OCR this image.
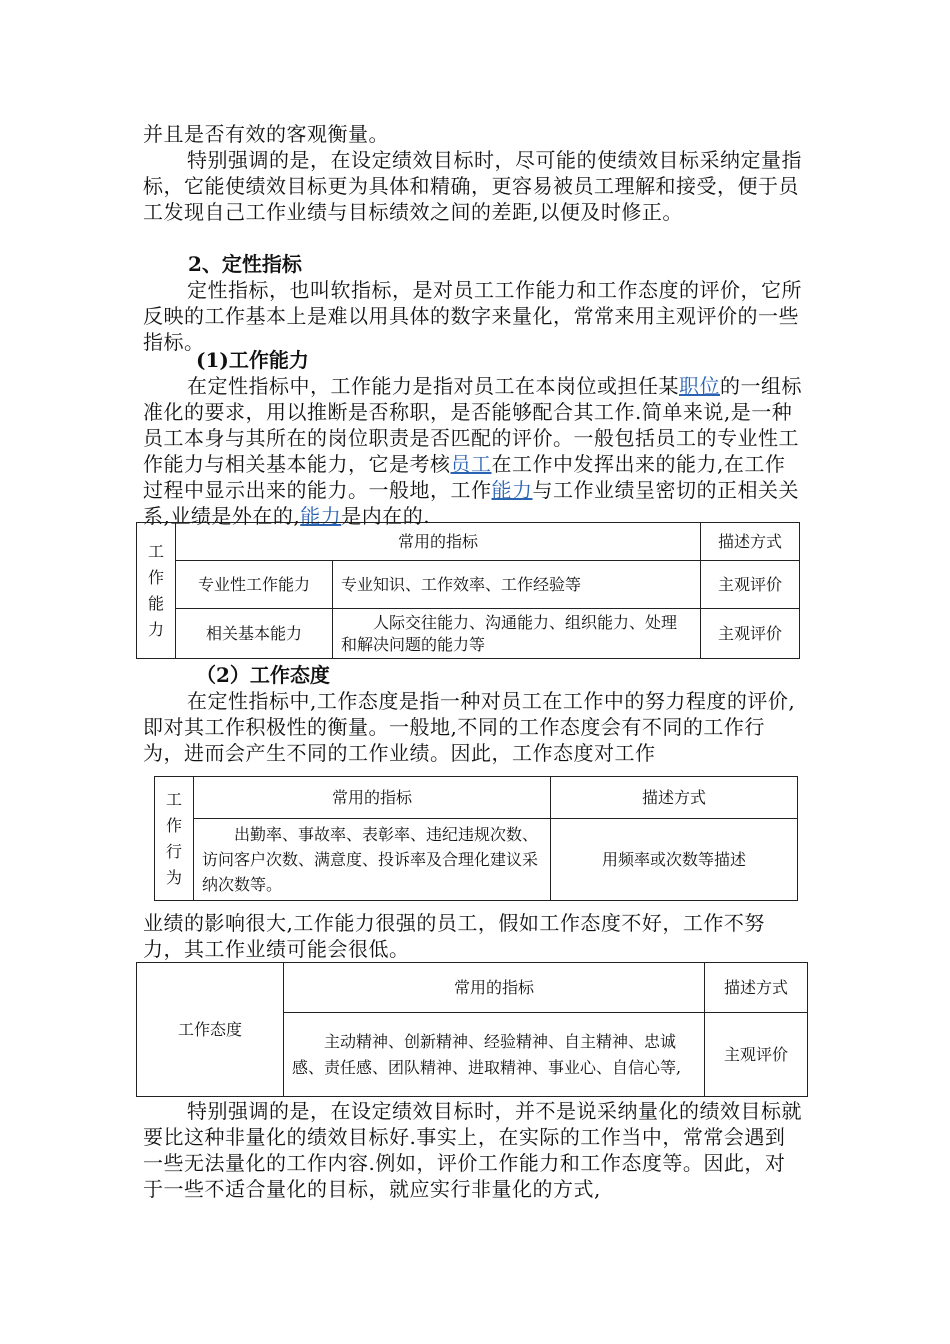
并且是否有效的客观衡量。
特别强调的是，在设定绩效目标时，尽可能的使绩效目标采纳定量指标，它能使绩效目标更为具体和精确，更容易被员工理解和接受，便于员工发现自己工作业绩与目标绩效之间的差距,以便及时修正。
2、定性指标
定性指标，也叫软指标，是对员工工作能力和工作态度的评价，它所反映的工作基本上是难以用具体的数字来量化，常常来用主观评价的一些指标。
(1)工作能力
在定性指标中，工作能力是指对员工在本岗位或担任某职位的一组标准化的要求，用以推断是否称职，是否能够配合其工作.简单来说,是一种员工本身与其所在的岗位职责是否匹配的评价。一般包括员工的专业性工作能力与相关基本能力，它是考核员工在工作中发挥出来的能力,在工作过程中显示出来的能力。一般地，工作能力与工作业绩呈密切的正相关关系,业绩是外在的,能力是内在的.
工
作
能
力	常用的指标		描述方式
	专业性工作能力	专业知识、工作效率、工作经验等	主观评价
	相关基本能力	人际交往能力、沟通能力、组织能力、处理和解决问题的能力等	主观评价
（2）工作态度
在定性指标中,工作态度是指一种对员工在工作中的努力程度的评价,即对其工作积极性的衡量。一般地,不同的工作态度会有不同的工作行为，进而会产生不同的工作业绩。因此，工作态度对工作
工
作
行
为	常用的指标	描述方式
	出勤率、事故率、表彰率、违纪违规次数、访问客户次数、满意度、投诉率及合理化建议采纳次数等。	用频率或次数等描述
业绩的影响很大,工作能力很强的员工，假如工作态度不好，工作不努力，其工作业绩可能会很低。
工作态度	常用的指标	描述方式
	主动精神、创新精神、经验精神、自主精神、忠诚感、责任感、团队精神、进取精神、事业心、自信心等,	主观评价
特别强调的是，在设定绩效目标时，并不是说采纳量化的绩效目标就要比这种非量化的绩效目标好.事实上，在实际的工作当中，常常会遇到一些无法量化的工作内容.例如，评价工作能力和工作态度等。因此，对于一些不适合量化的目标，就应实行非量化的方式,
